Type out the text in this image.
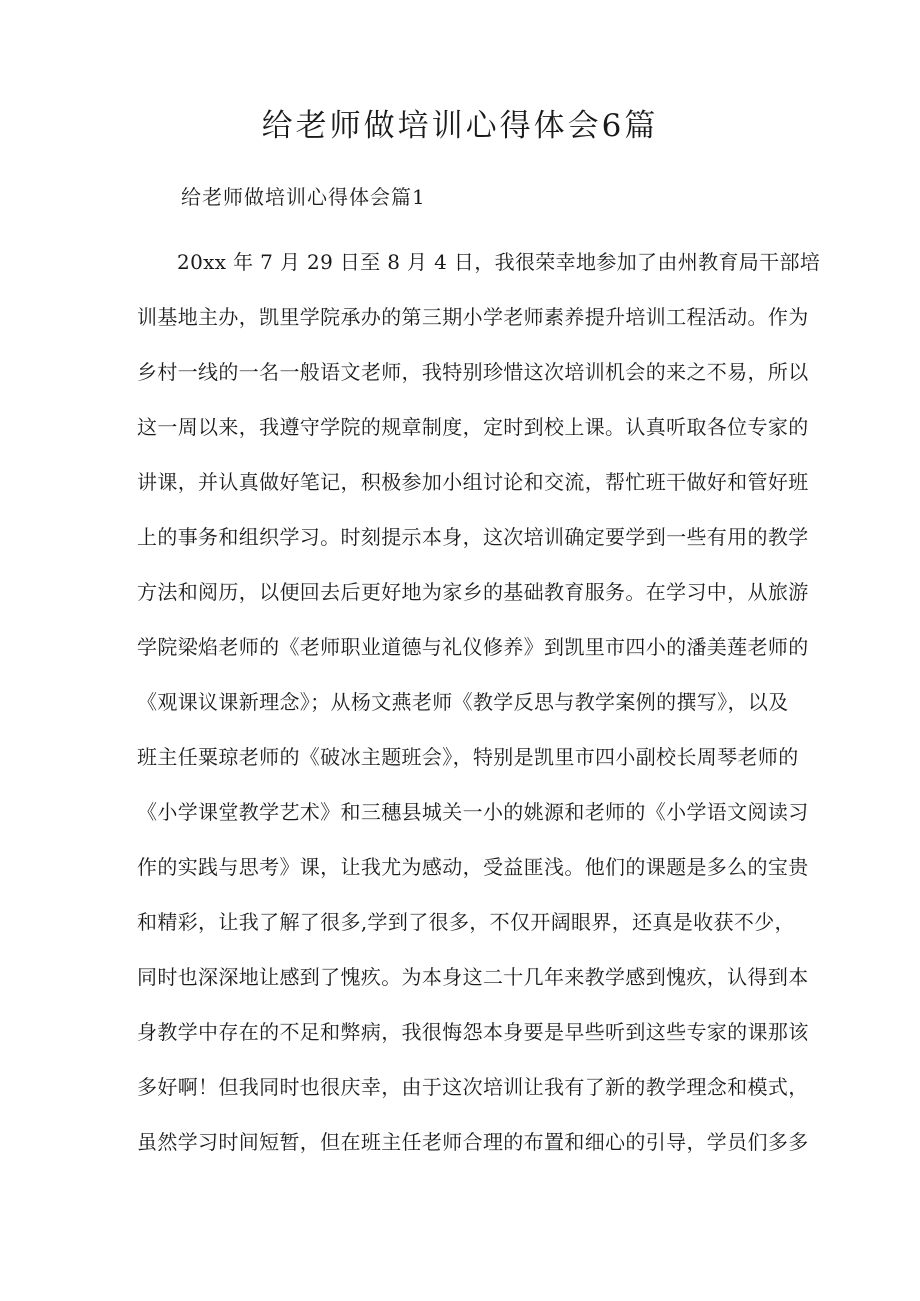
给老师做培训心得体会6篇
给老师做培训心得体会篇1
20xx 年 7 月 29 日至 8 月 4 日，我很荣幸地参加了由州教育局干部培
训基地主办，凯里学院承办的第三期小学老师素养提升培训工程活动。作为
乡村一线的一名一般语文老师，我特别珍惜这次培训机会的来之不易，所以
这一周以来，我遵守学院的规章制度，定时到校上课。认真听取各位专家的
讲课，并认真做好笔记，积极参加小组讨论和交流，帮忙班干做好和管好班
上的事务和组织学习。时刻提示本身，这次培训确定要学到一些有用的教学
方法和阅历，以便回去后更好地为家乡的基础教育服务。在学习中，从旅游
学院梁焰老师的《老师职业道德与礼仪修养》到凯里市四小的潘美莲老师的
《观课议课新理念》；从杨文燕老师《教学反思与教学案例的撰写》，以及
班主任粟琼老师的《破冰主题班会》，特别是凯里市四小副校长周琴老师的
《小学课堂教学艺术》和三穗县城关一小的姚源和老师的《小学语文阅读习
作的实践与思考》课，让我尤为感动，受益匪浅。他们的课题是多么的宝贵
和精彩，让我了解了很多,学到了很多，不仅开阔眼界，还真是收获不少，
同时也深深地让感到了愧疚。为本身这二十几年来教学感到愧疚，认得到本
身教学中存在的不足和弊病，我很悔怨本身要是早些听到这些专家的课那该
多好啊！但我同时也很庆幸，由于这次培训让我有了新的教学理念和模式，
虽然学习时间短暂，但在班主任老师合理的布置和细心的引导，学员们多多
